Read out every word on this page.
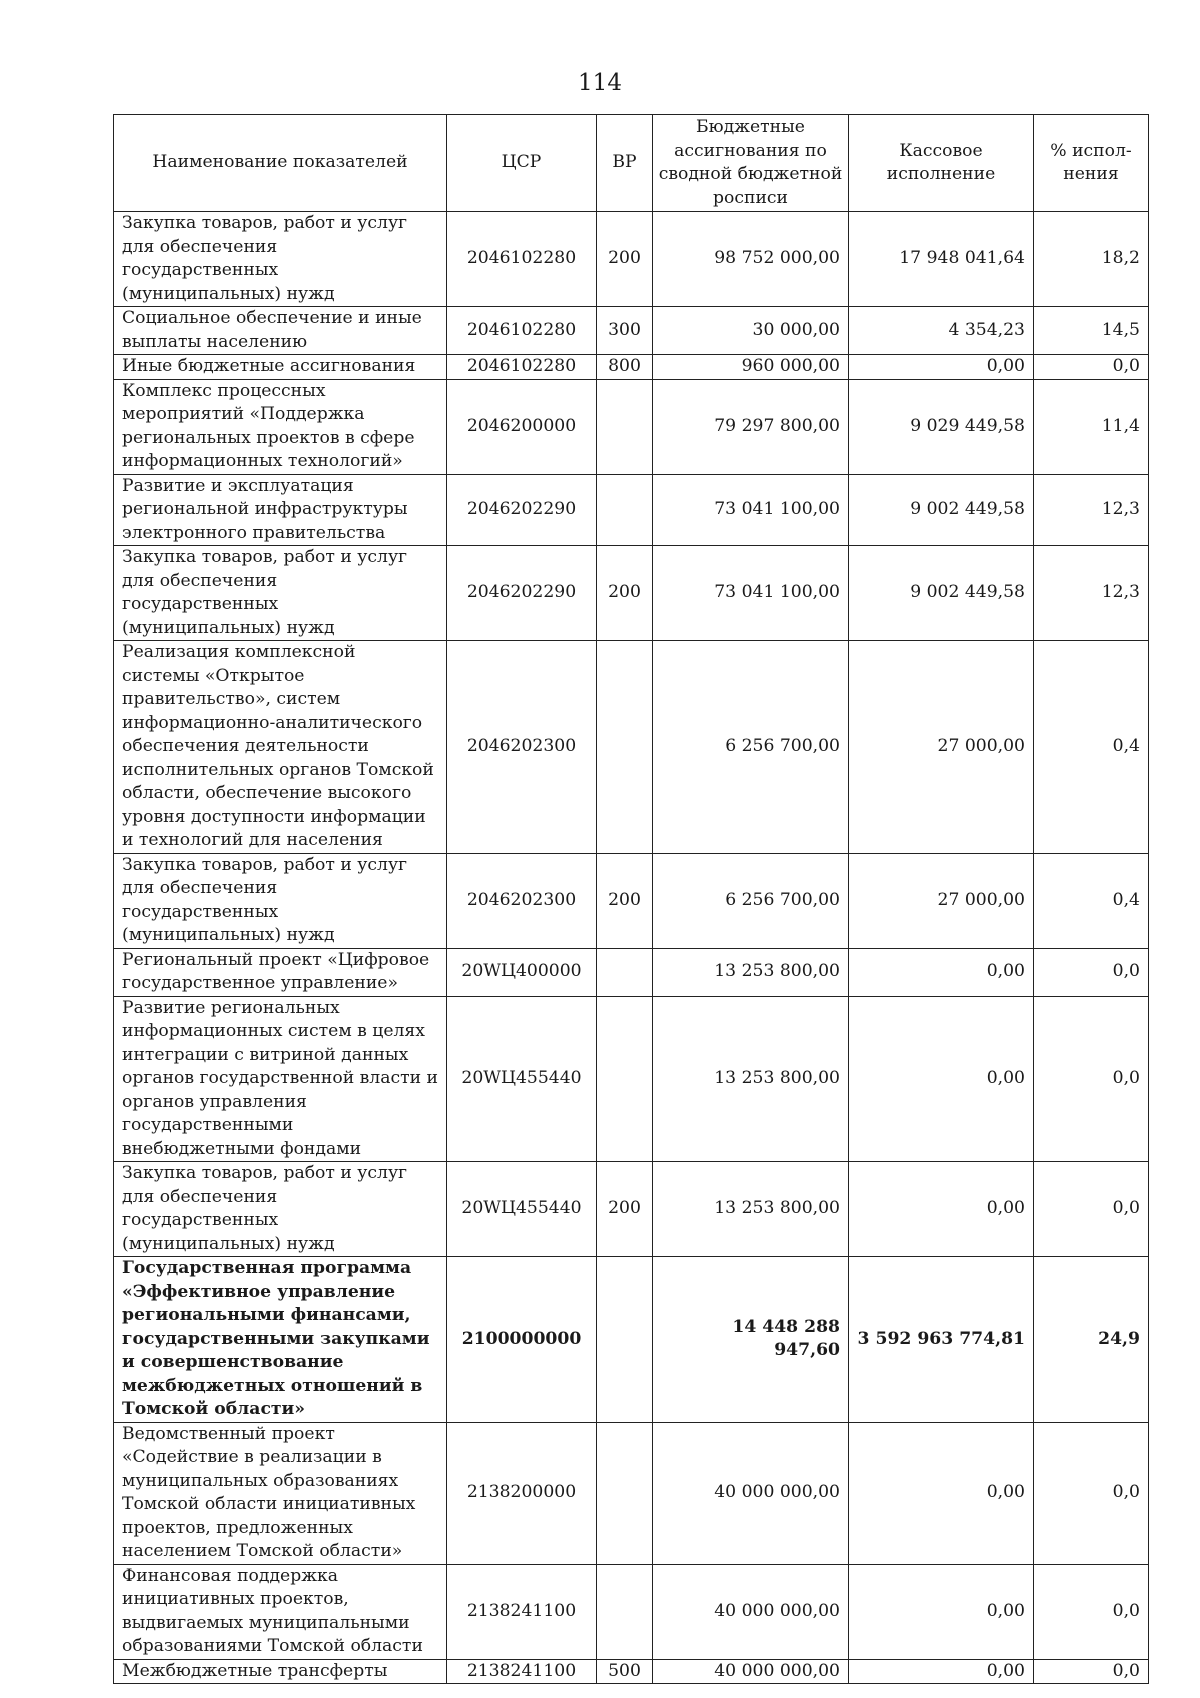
114
Наименование показателей	ЦСР	ВР	Бюджетные ассигнования по сводной бюджетной росписи	Кассовое исполнение	% испол-нения
Закупка товаров, работ и услуг для обеспечения государственных (муниципальных) нужд	2046102280	200	98 752 000,00	17 948 041,64	18,2
Социальное обеспечение и иные выплаты населению	2046102280	300	30 000,00	4 354,23	14,5
Иные бюджетные ассигнования	2046102280	800	960 000,00	0,00	0,0
Комплекс процессных мероприятий «Поддержка региональных проектов в сфере информационных технологий»	2046200000		79 297 800,00	9 029 449,58	11,4
Развитие и эксплуатация региональной инфраструктуры электронного правительства	2046202290		73 041 100,00	9 002 449,58	12,3
Закупка товаров, работ и услуг для обеспечения государственных (муниципальных) нужд	2046202290	200	73 041 100,00	9 002 449,58	12,3
Реализация комплексной системы «Открытое правительство», систем информационно-аналитического обеспечения деятельности исполнительных органов Томской области, обеспечение высокого уровня доступности информации и технологий для населения	2046202300		6 256 700,00	27 000,00	0,4
Закупка товаров, работ и услуг для обеспечения государственных (муниципальных) нужд	2046202300	200	6 256 700,00	27 000,00	0,4
Региональный проект «Цифровое государственное управление»	20WЦ400000		13 253 800,00	0,00	0,0
Развитие региональных информационных систем в целях интеграции с витриной данных органов государственной власти и органов управления государственными внебюджетными фондами	20WЦ455440		13 253 800,00	0,00	0,0
Закупка товаров, работ и услуг для обеспечения государственных (муниципальных) нужд	20WЦ455440	200	13 253 800,00	0,00	0,0
Государственная программа «Эффективное управление региональными финансами, государственными закупками и совершенствование межбюджетных отношений в Томской области»	2100000000		14 448 288 947,60	3 592 963 774,81	24,9
Ведомственный проект «Содействие в реализации в муниципальных образованиях Томской области инициативных проектов, предложенных населением Томской области»	2138200000		40 000 000,00	0,00	0,0
Финансовая поддержка инициативных проектов, выдвигаемых муниципальными образованиями Томской области	2138241100		40 000 000,00	0,00	0,0
Межбюджетные трансферты	2138241100	500	40 000 000,00	0,00	0,0
